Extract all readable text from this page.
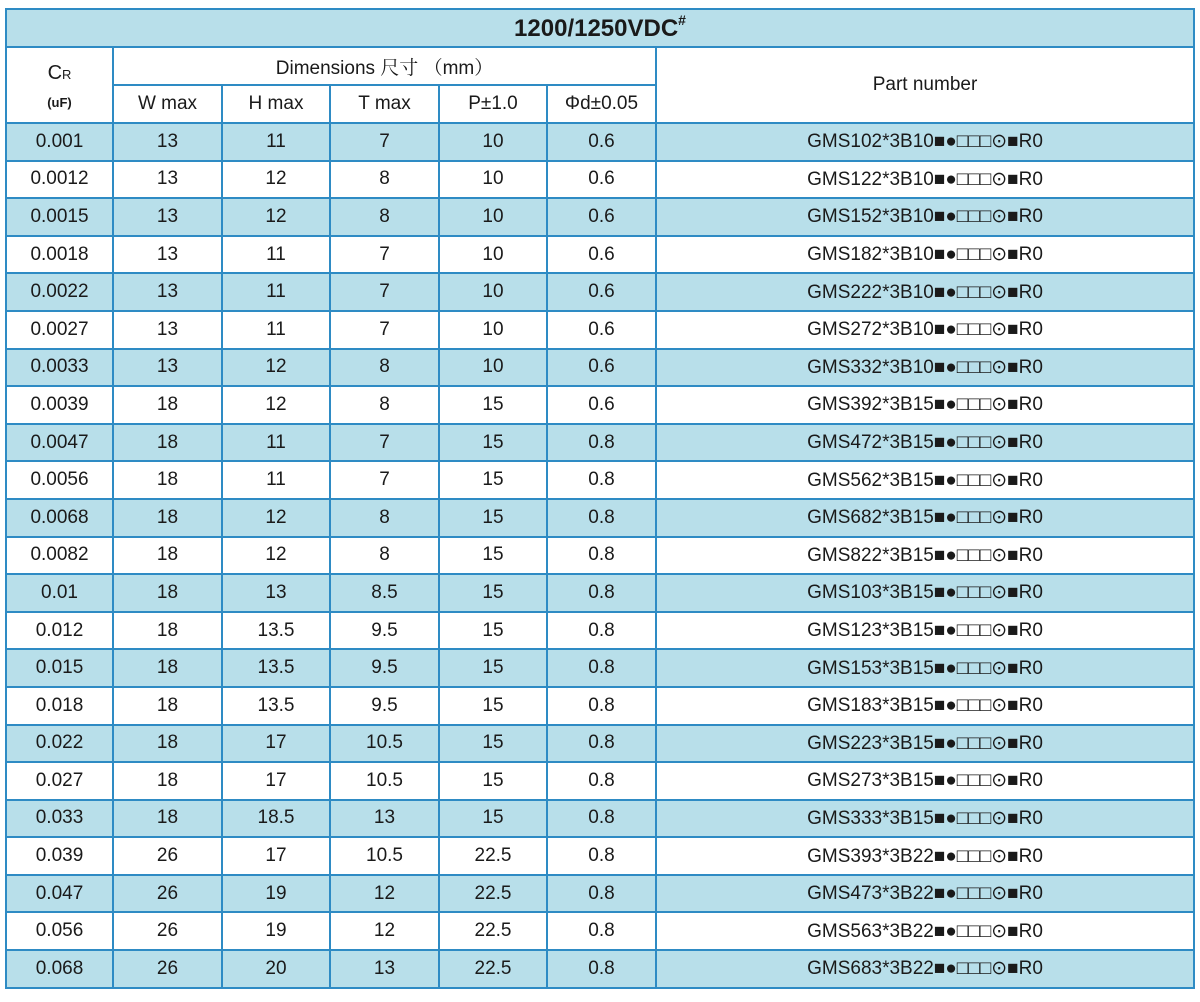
1200/1250VDC#

CR
(uF)	Dimensions 尺寸 （mm）					Part number
	W max	H max	T max	P±1.0	Φd±0.05	
0.001	13	11	7	10	0.6	GMS102*3B10■●□□□⊙■R0
0.0012	13	12	8	10	0.6	GMS122*3B10■●□□□⊙■R0
0.0015	13	12	8	10	0.6	GMS152*3B10■●□□□⊙■R0
0.0018	13	11	7	10	0.6	GMS182*3B10■●□□□⊙■R0
0.0022	13	11	7	10	0.6	GMS222*3B10■●□□□⊙■R0
0.0027	13	11	7	10	0.6	GMS272*3B10■●□□□⊙■R0
0.0033	13	12	8	10	0.6	GMS332*3B10■●□□□⊙■R0
0.0039	18	12	8	15	0.6	GMS392*3B15■●□□□⊙■R0
0.0047	18	11	7	15	0.8	GMS472*3B15■●□□□⊙■R0
0.0056	18	11	7	15	0.8	GMS562*3B15■●□□□⊙■R0
0.0068	18	12	8	15	0.8	GMS682*3B15■●□□□⊙■R0
0.0082	18	12	8	15	0.8	GMS822*3B15■●□□□⊙■R0
0.01	18	13	8.5	15	0.8	GMS103*3B15■●□□□⊙■R0
0.012	18	13.5	9.5	15	0.8	GMS123*3B15■●□□□⊙■R0
0.015	18	13.5	9.5	15	0.8	GMS153*3B15■●□□□⊙■R0
0.018	18	13.5	9.5	15	0.8	GMS183*3B15■●□□□⊙■R0
0.022	18	17	10.5	15	0.8	GMS223*3B15■●□□□⊙■R0
0.027	18	17	10.5	15	0.8	GMS273*3B15■●□□□⊙■R0
0.033	18	18.5	13	15	0.8	GMS333*3B15■●□□□⊙■R0
0.039	26	17	10.5	22.5	0.8	GMS393*3B22■●□□□⊙■R0
0.047	26	19	12	22.5	0.8	GMS473*3B22■●□□□⊙■R0
0.056	26	19	12	22.5	0.8	GMS563*3B22■●□□□⊙■R0
0.068	26	20	13	22.5	0.8	GMS683*3B22■●□□□⊙■R0
